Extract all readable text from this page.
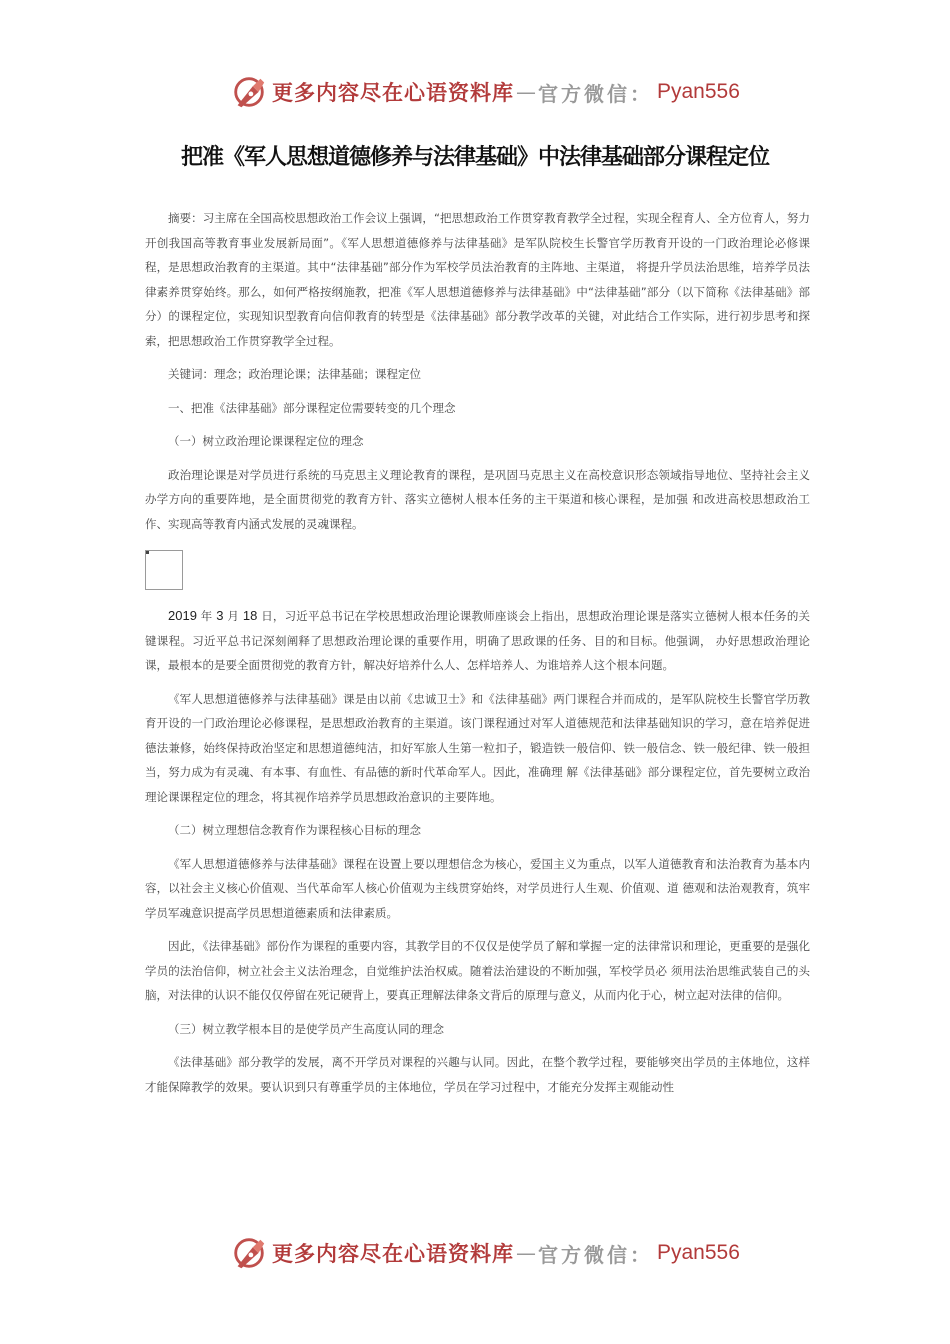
更多内容尽在心语资料库 — 官方微信： Pyan556
把准《军人思想道德修养与法律基础》中法律基础部分课程定位

摘要：习主席在全国高校思想政治工作会议上强调，“把思想政治工作贯穿教育教学全过程，实现全程育人、全方位育人，努力开创我国高等教育事业发展新局面”。《军人思想道德修养与法律基础》是军队院校生长警官学历教育开设的一门政治理论必修课程，是思想政治教育的主渠道。其中“法律基础”部分作为军校学员法治教育的主阵地、主渠道， 将提升学员法治思维，培养学员法律素养贯穿始终。那么，如何严格按纲施教，把准《军人思想道德修养与法律基础》中“法律基础”部分（以下简称《法律基础》部分）的课程定位，实现知识型教育向信仰教育的转型是《法律基础》部分教学改革的关键，对此结合工作实际，进行初步思考和探索，把思想政治工作贯穿教学全过程。

关键词：理念；政治理论课；法律基础；课程定位

一、把准《法律基础》部分课程定位需要转变的几个理念

（一）树立政治理论课课程定位的理念

政治理论课是对学员进行系统的马克思主义理论教育的课程，是巩固马克思主义在高校意识形态领域指导地位、坚持社会主义办学方向的重要阵地，是全面贯彻党的教育方针、落实立德树人根本任务的主干渠道和核心课程，是加强 和改进高校思想政治工作、实现高等教育内涵式发展的灵魂课程。

2019 年 3 月 18 日，习近平总书记在学校思想政治理论课教师座谈会上指出，思想政治理论课是落实立德树人根本任务的关键课程。习近平总书记深刻阐释了思想政治理论课的重要作用，明确了思政课的任务、目的和目标。他强调， 办好思想政治理论课，最根本的是要全面贯彻党的教育方针，解决好培养什么人、怎样培养人、为谁培养人这个根本问题。

《军人思想道德修养与法律基础》课是由以前《忠诚卫士》和《法律基础》两门课程合并而成的，是军队院校生长警官学历教育开设的一门政治理论必修课程，是思想政治教育的主渠道。该门课程通过对军人道德规范和法律基础知识的学习，意在培养促进德法兼修，始终保持政治坚定和思想道德纯洁，扣好军旅人生第一粒扣子，锻造铁一般信仰、铁一般信念、铁一般纪律、铁一般担当，努力成为有灵魂、有本事、有血性、有品德的新时代革命军人。因此，准确理 解《法律基础》部分课程定位，首先要树立政治理论课课程定位的理念，将其视作培养学员思想政治意识的主要阵地。

（二）树立理想信念教育作为课程核心目标的理念

《军人思想道德修养与法律基础》课程在设置上要以理想信念为核心，爱国主义为重点，以军人道德教育和法治教育为基本内容，以社会主义核心价值观、当代革命军人核心价值观为主线贯穿始终，对学员进行人生观、价值观、道 德观和法治观教育，筑牢学员军魂意识提高学员思想道德素质和法律素质。

因此，《法律基础》部份作为课程的重要内容，其教学目的不仅仅是使学员了解和掌握一定的法律常识和理论，更重要的是强化学员的法治信仰，树立社会主义法治理念，自觉维护法治权威。随着法治建设的不断加强，军校学员必 须用法治思维武装自己的头脑，对法律的认识不能仅仅停留在死记硬背上，要真正理解法律条文背后的原理与意义，从而内化于心，树立起对法律的信仰。

（三）树立教学根本目的是使学员产生高度认同的理念

《法律基础》部分教学的发展，离不开学员对课程的兴趣与认同。因此，在整个教学过程，要能够突出学员的主体地位，这样才能保障教学的效果。要认识到只有尊重学员的主体地位，学员在学习过程中，才能充分发挥主观能动性

更多内容尽在心语资料库 — 官方微信： Pyan556
